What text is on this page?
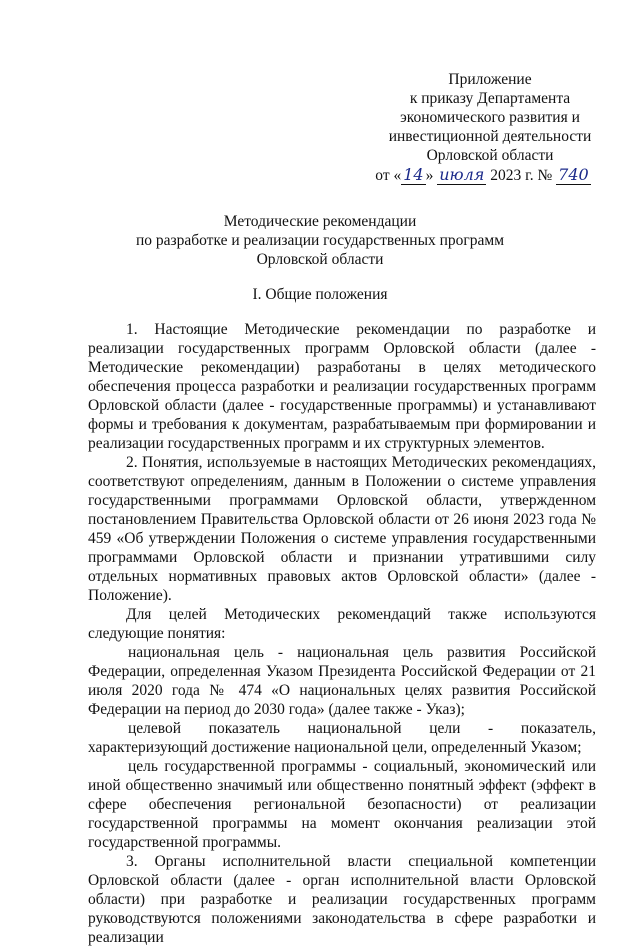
Приложение
к приказу Департамента
экономического развития и
инвестиционной деятельности
Орловской области
от « 14 » июля 2023 г. № 740
Методические рекомендации
по разработке и реализации государственных программ
Орловской области
I. Общие положения

1. Настоящие Методические рекомендации по разработке и реализации государственных программ Орловской области (далее - Методические рекомендации) разработаны в целях методического обеспечения процесса разработки и реализации государственных программ Орловской области (далее - государственные программы) и устанавливают формы и требования к документам, разрабатываемым при формировании и реализации государственных программ и их структурных элементов.

2. Понятия, используемые в настоящих Методических рекомендациях, соответствуют определениям, данным в Положении о системе управления государственными программами Орловской области, утвержденном постановлением Правительства Орловской области от 26 июня 2023 года № 459 «Об утверждении Положения о системе управления государственными программами Орловской области и признании утратившими силу отдельных нормативных правовых актов Орловской области» (далее - Положение).

Для целей Методических рекомендаций также используются следующие понятия:

национальная цель - национальная цель развития Российской Федерации, определенная Указом Президента Российской Федерации от 21 июля 2020 года № 474 «О национальных целях развития Российской Федерации на период до 2030 года» (далее также - Указ);

целевой показатель национальной цели - показатель, характеризующий достижение национальной цели, определенный Указом;

цель государственной программы - социальный, экономический или иной общественно значимый или общественно понятный эффект (эффект в сфере обеспечения региональной безопасности) от реализации государственной программы на момент окончания реализации этой государственной программы.

3. Органы исполнительной власти специальной компетенции Орловской области (далее - орган исполнительной власти Орловской области) при разработке и реализации государственных программ руководствуются положениями законодательства в сфере разработки и реализации
